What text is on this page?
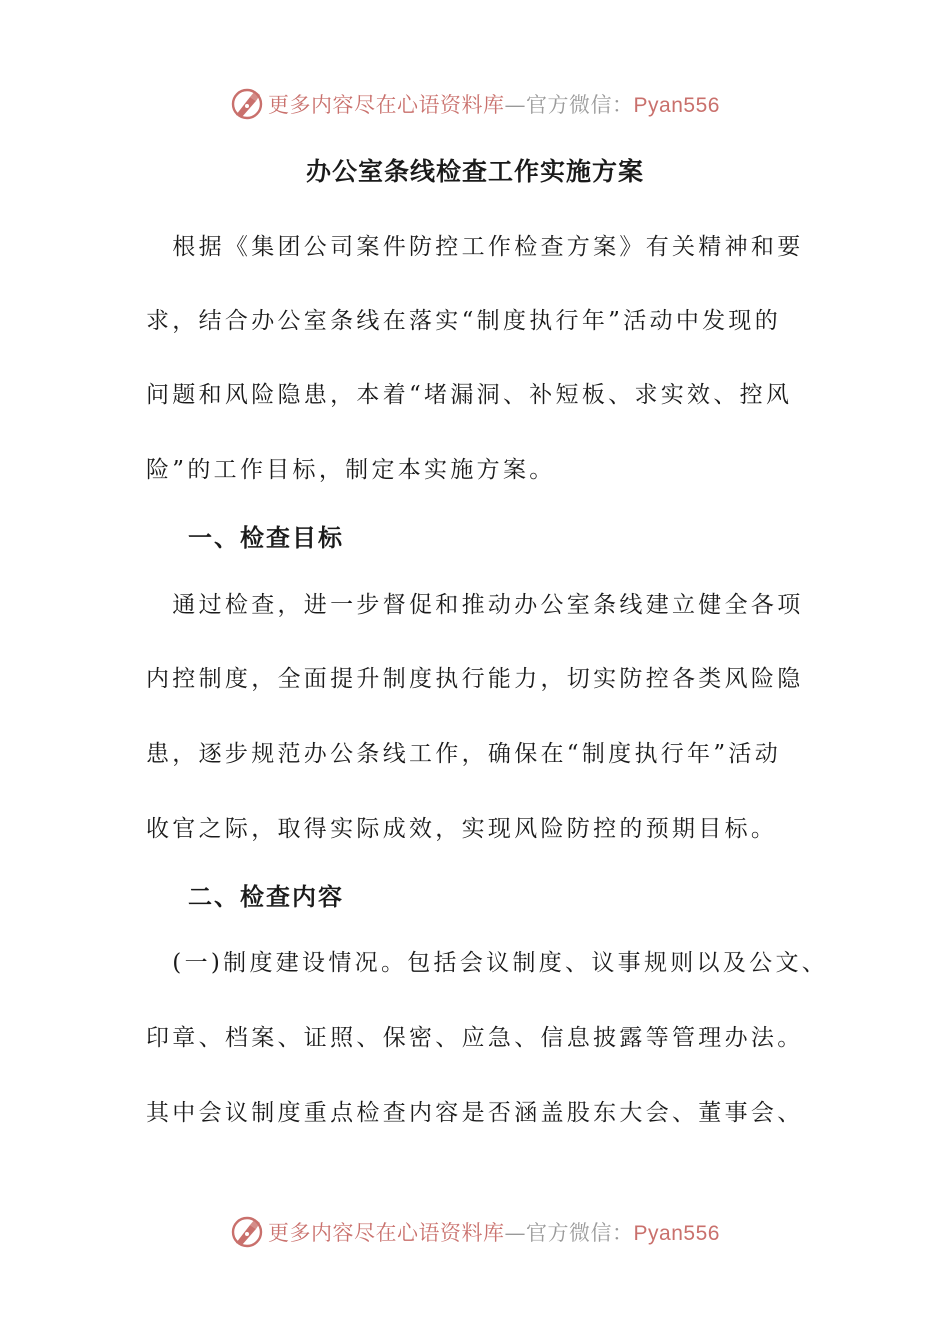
更多内容尽在心语资料库—官方微信：Pyan556
办公室条线检查工作实施方案
　根据《集团公司案件防控工作检查方案》有关精神和要
求，结合办公室条线在落实“制度执行年”活动中发现的
问题和风险隐患，本着“堵漏洞、补短板、求实效、控风
险”的工作目标，制定本实施方案。
一、检查目标
　通过检查，进一步督促和推动办公室条线建立健全各项
内控制度，全面提升制度执行能力，切实防控各类风险隐
患，逐步规范办公条线工作，确保在“制度执行年”活动
收官之际，取得实际成效，实现风险防控的预期目标。
二、检查内容
　(一)制度建设情况。包括会议制度、议事规则以及公文、
印章、档案、证照、保密、应急、信息披露等管理办法。
其中会议制度重点检查内容是否涵盖股东大会、董事会、
更多内容尽在心语资料库—官方微信：Pyan556
